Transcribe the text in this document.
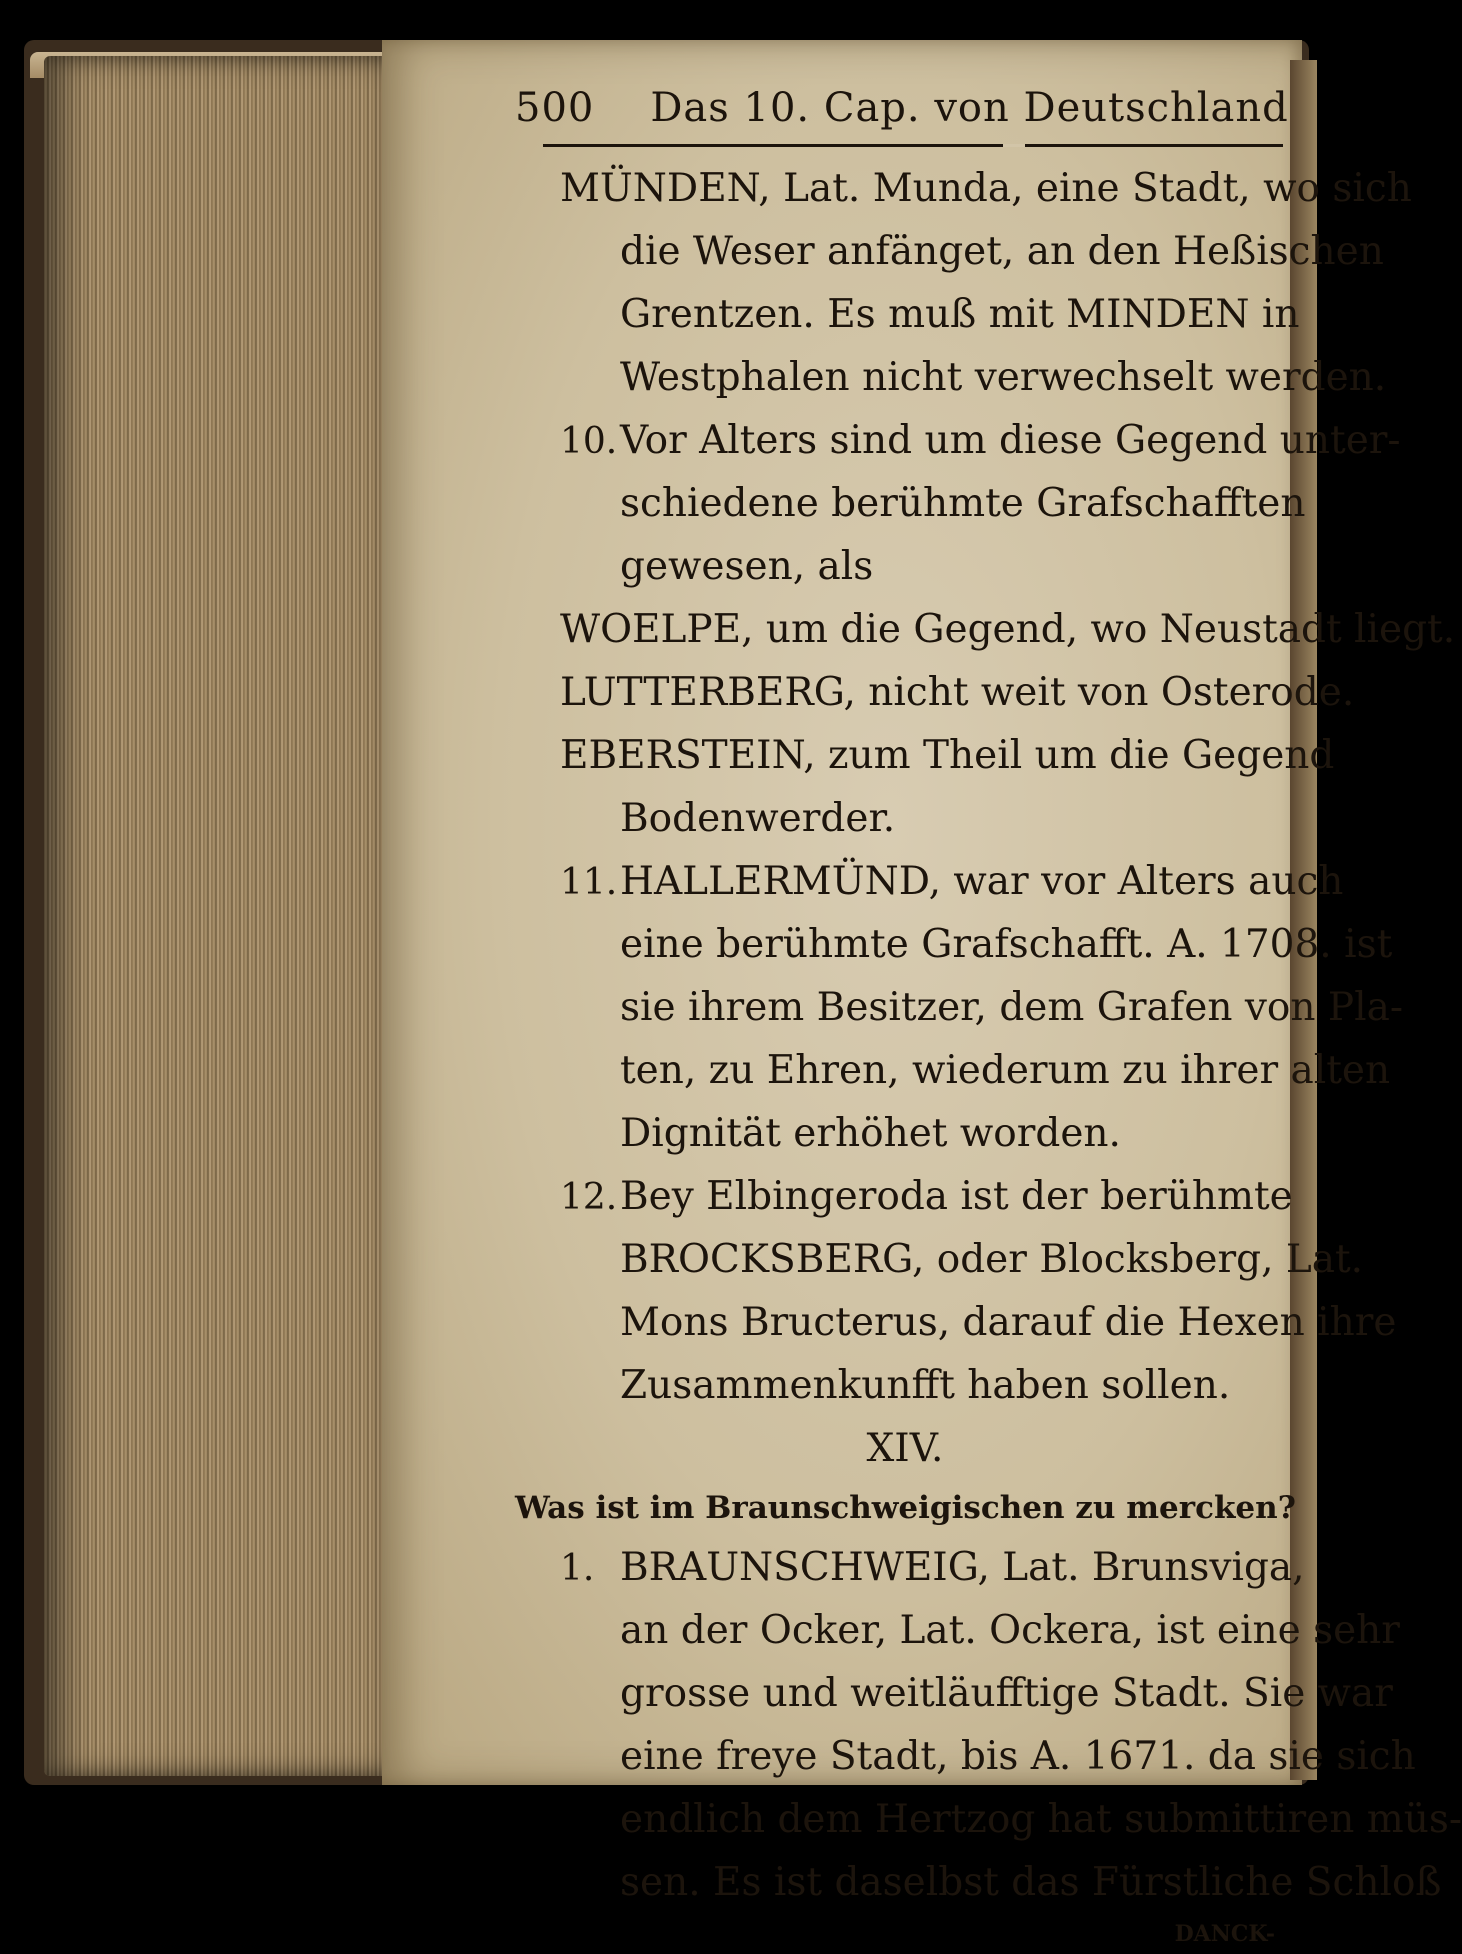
500 Das 10. Cap. von Deutschland
MÜNDEN, Lat. Munda, eine Stadt, wo sich
die Weser anfänget, an den Heßischen
Grentzen. Es muß mit MINDEN in
Westphalen nicht verwechselt werden.
10.Vor Alters sind um diese Gegend unter-
schiedene berühmte Grafschafften
gewesen, als
WOELPE, um die Gegend, wo Neustadt liegt.
LUTTERBERG, nicht weit von Osterode.
EBERSTEIN, zum Theil um die Gegend
Bodenwerder.
11.HALLERMÜND, war vor Alters auch
eine berühmte Grafschafft. A. 1708. ist
sie ihrem Besitzer, dem Grafen von Pla-
ten, zu Ehren, wiederum zu ihrer alten
Dignität erhöhet worden.
12.Bey Elbingeroda ist der berühmte
BROCKSBERG, oder Blocksberg, Lat.
Mons Bructerus, darauf die Hexen ihre
Zusammenkunfft haben sollen.
XIV.
Was ist im Braunschweigischen zu mercken?
1. BRAUNSCHWEIG, Lat. Brunsviga,
an der Ocker, Lat. Ockera, ist eine sehr
grosse und weitläufftige Stadt. Sie war
eine freye Stadt, bis A. 1671. da sie sich
endlich dem Hertzog hat submittiren müs-
sen. Es ist daselbst das Fürstliche Schloß
DANCK-
